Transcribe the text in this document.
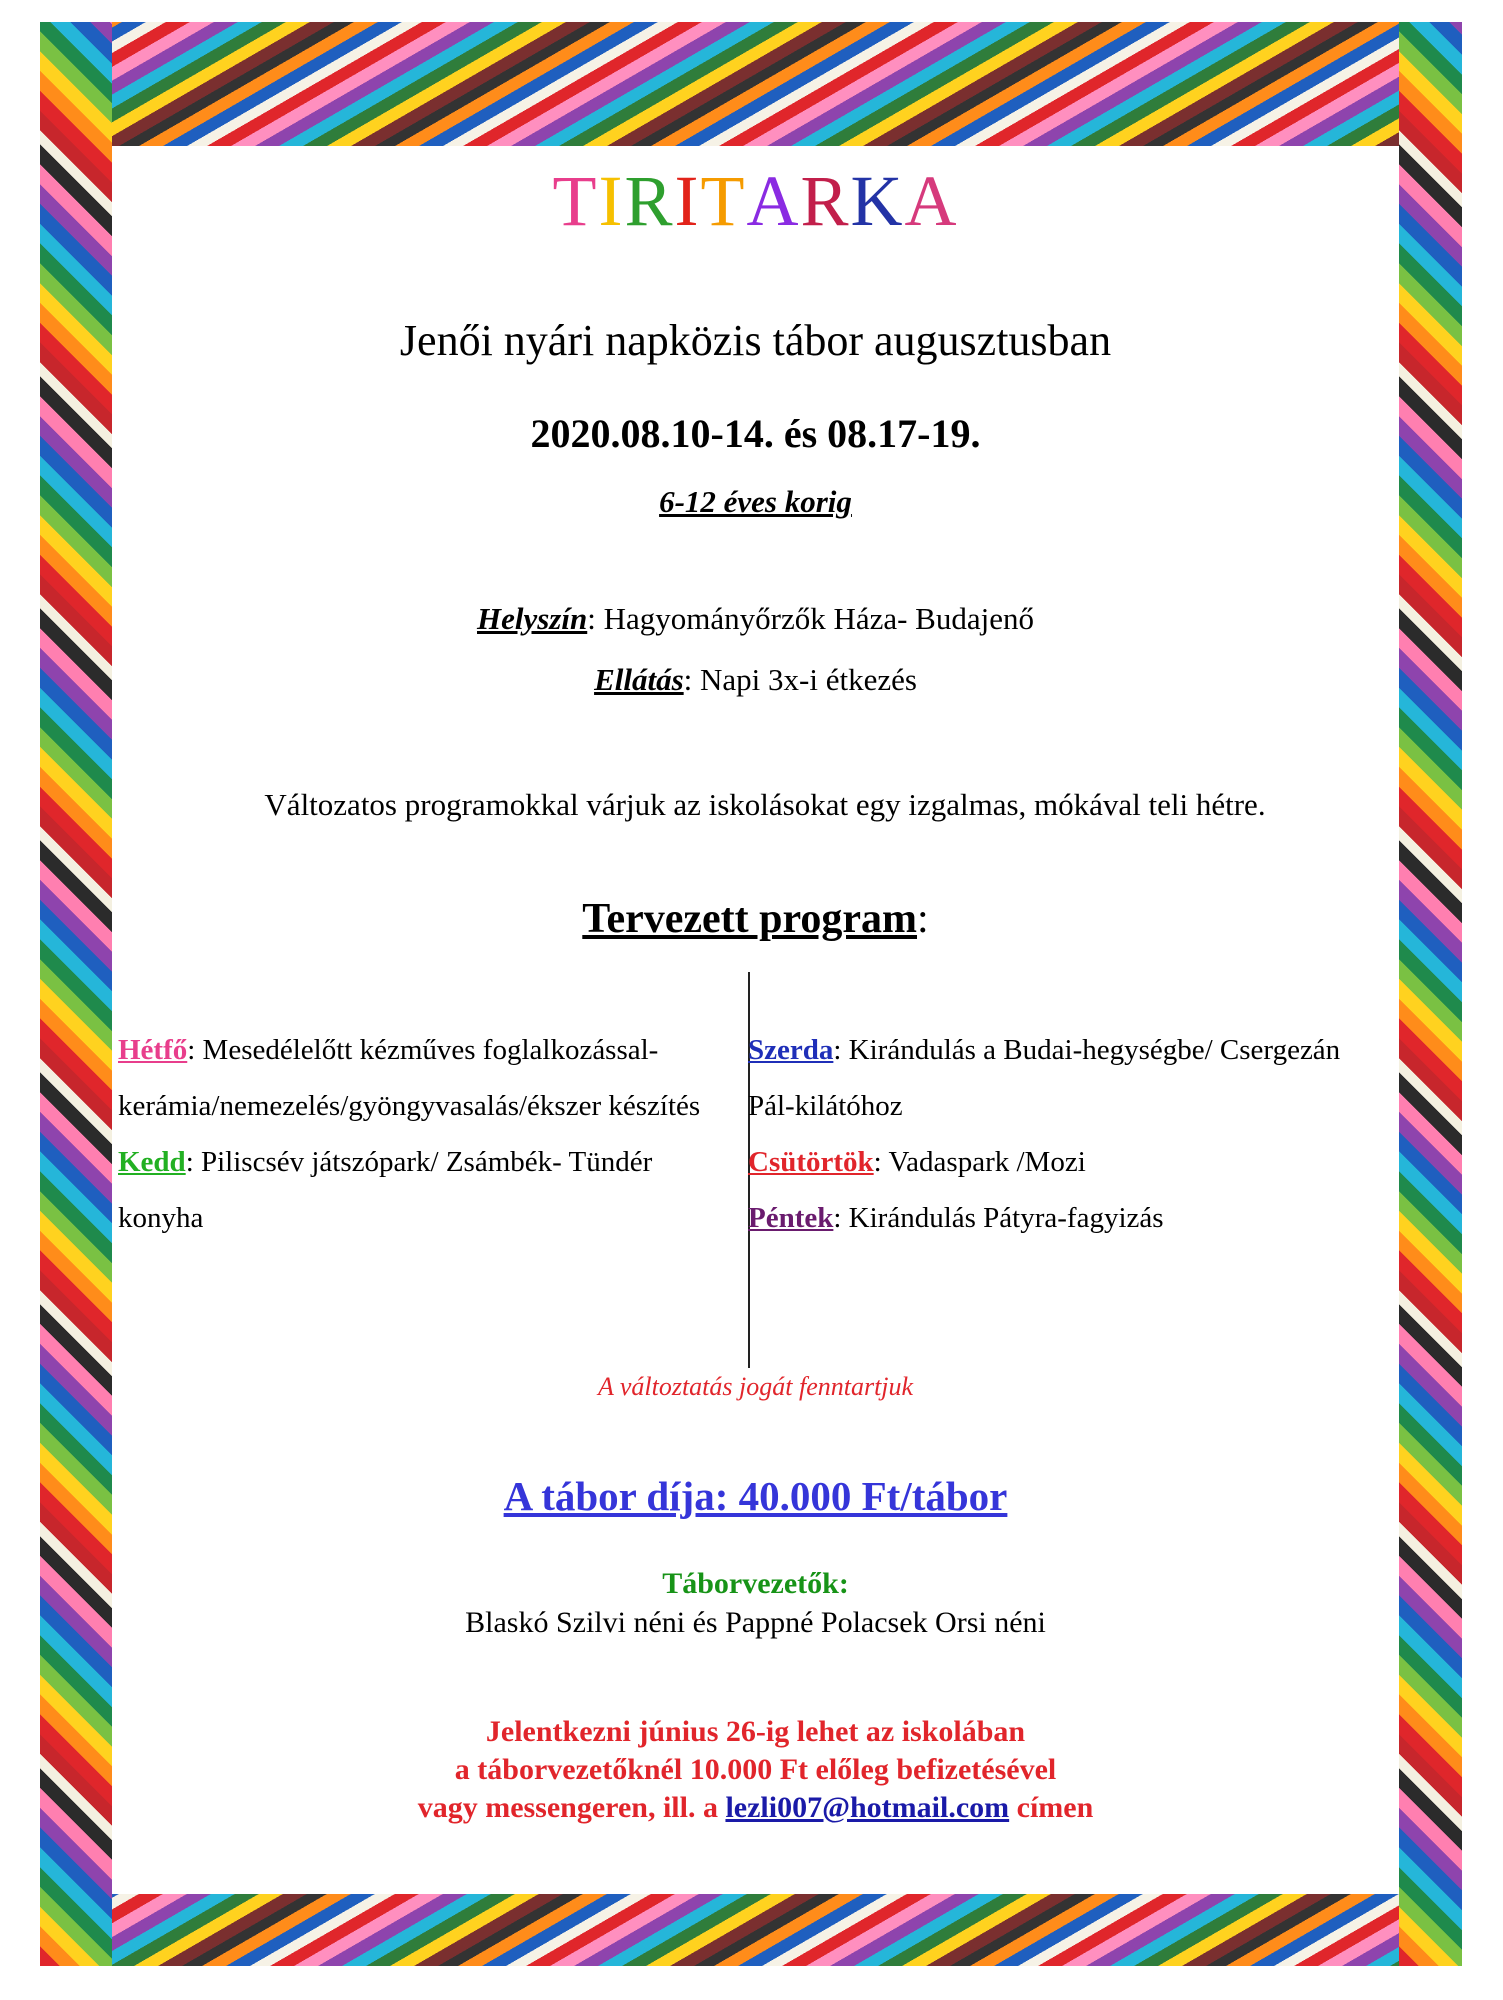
TIRITARKA
Jenői nyári napközis tábor augusztusban
2020.08.10-14. és 08.17-19.
6-12 éves korig
Helyszín: Hagyományőrzők Háza- Budajenő
Ellátás: Napi 3x-i étkezés
Változatos programokkal várjuk az iskolásokat egy izgalmas, mókával teli hétre.
Tervezett program:
Hétfő: Mesedélelőtt kézműves foglalkozással- kerámia/nemezelés/gyöngyvasalás/ékszer készítés
Kedd: Piliscsév játszópark/ Zsámbék- Tündér konyha
Szerda: Kirándulás a Budai-hegységbe/ Csergezán Pál-kilátóhoz
Csütörtök: Vadaspark /Mozi
Péntek: Kirándulás Pátyra-fagyizás
A változtatás jogát fenntartjuk
A tábor díja: 40.000 Ft/tábor
Táborvezetők:
Blaskó Szilvi néni és Pappné Polacsek Orsi néni
Jelentkezni június 26-ig lehet az iskolában
a táborvezetőknél 10.000 Ft előleg befizetésével
vagy messengeren, ill. a lezli007@hotmail.com címen
